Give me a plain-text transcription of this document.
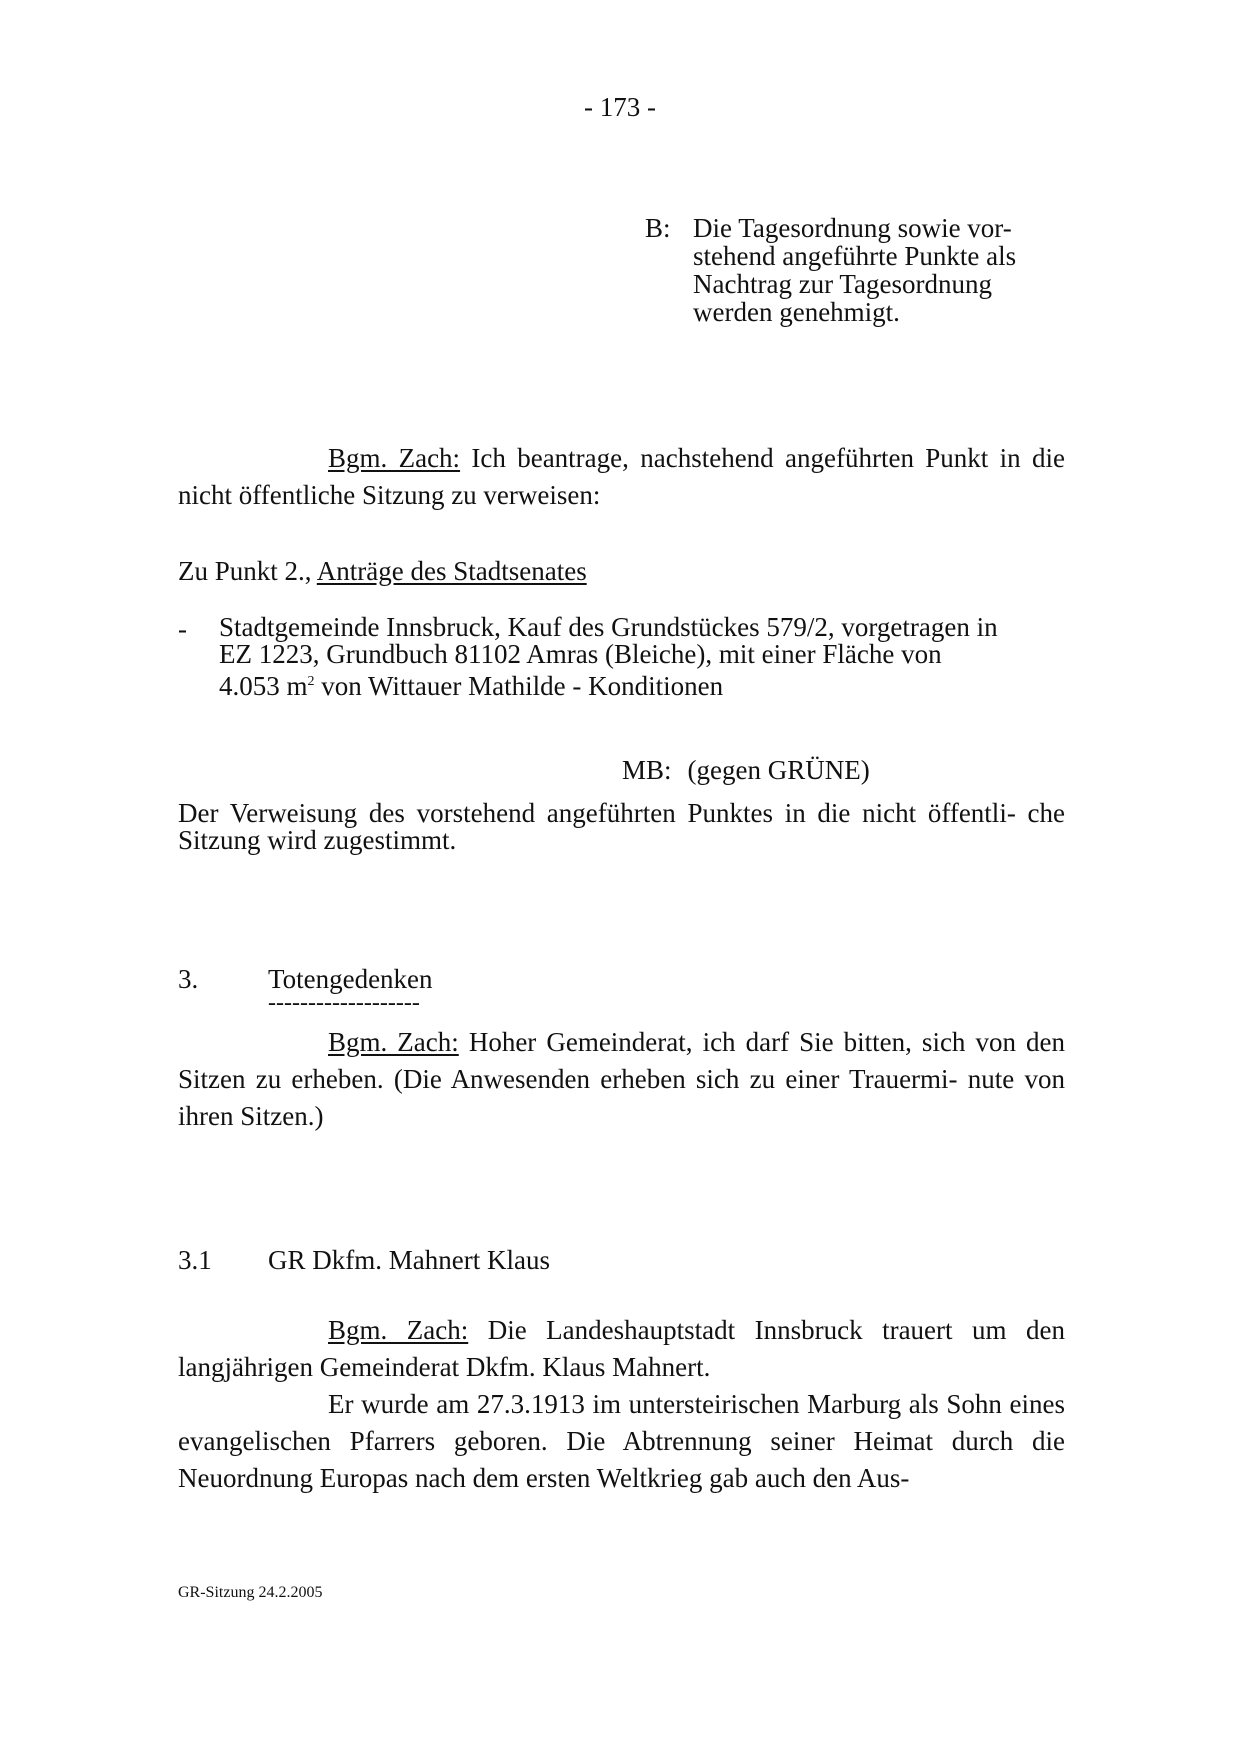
- 173 -
B: Die Tagesordnung sowie vor-
stehend angeführte Punkte als
Nachtrag zur Tagesordnung
werden genehmigt.

Bgm. Zach: Ich beantrage, nachstehend angeführten Punkt in die nicht öffentliche Sitzung zu verweisen:

Zu Punkt 2., Anträge des Stadtsenates
- Stadtgemeinde Innsbruck, Kauf des Grundstückes 579/2, vorgetragen in
EZ 1223, Grundbuch 81102 Amras (Bleiche), mit einer Fläche von
4.053 $m^2$ von Wittauer Mathilde - Konditionen
MB: (gegen GRÜNE)

Der Verweisung des vorstehend angeführten Punktes in die nicht öffentli- che Sitzung wird zugestimmt.

3.	Totengedenken
-------------------

Bgm. Zach: Hoher Gemeinderat, ich darf Sie bitten, sich von den Sitzen zu erheben. (Die Anwesenden erheben sich zu einer Trauermi- nute von ihren Sitzen.)

3.1 GR Dkfm. Mahnert Klaus

Bgm. Zach: Die Landeshauptstadt Innsbruck trauert um den langjährigen Gemeinderat Dkfm. Klaus Mahnert.

Er wurde am 27.3.1913 im untersteirischen Marburg als Sohn eines evangelischen Pfarrers geboren. Die Abtrennung seiner Heimat durch die Neuordnung Europas nach dem ersten Weltkrieg gab auch den Aus-

GR-Sitzung 24.2.2005
